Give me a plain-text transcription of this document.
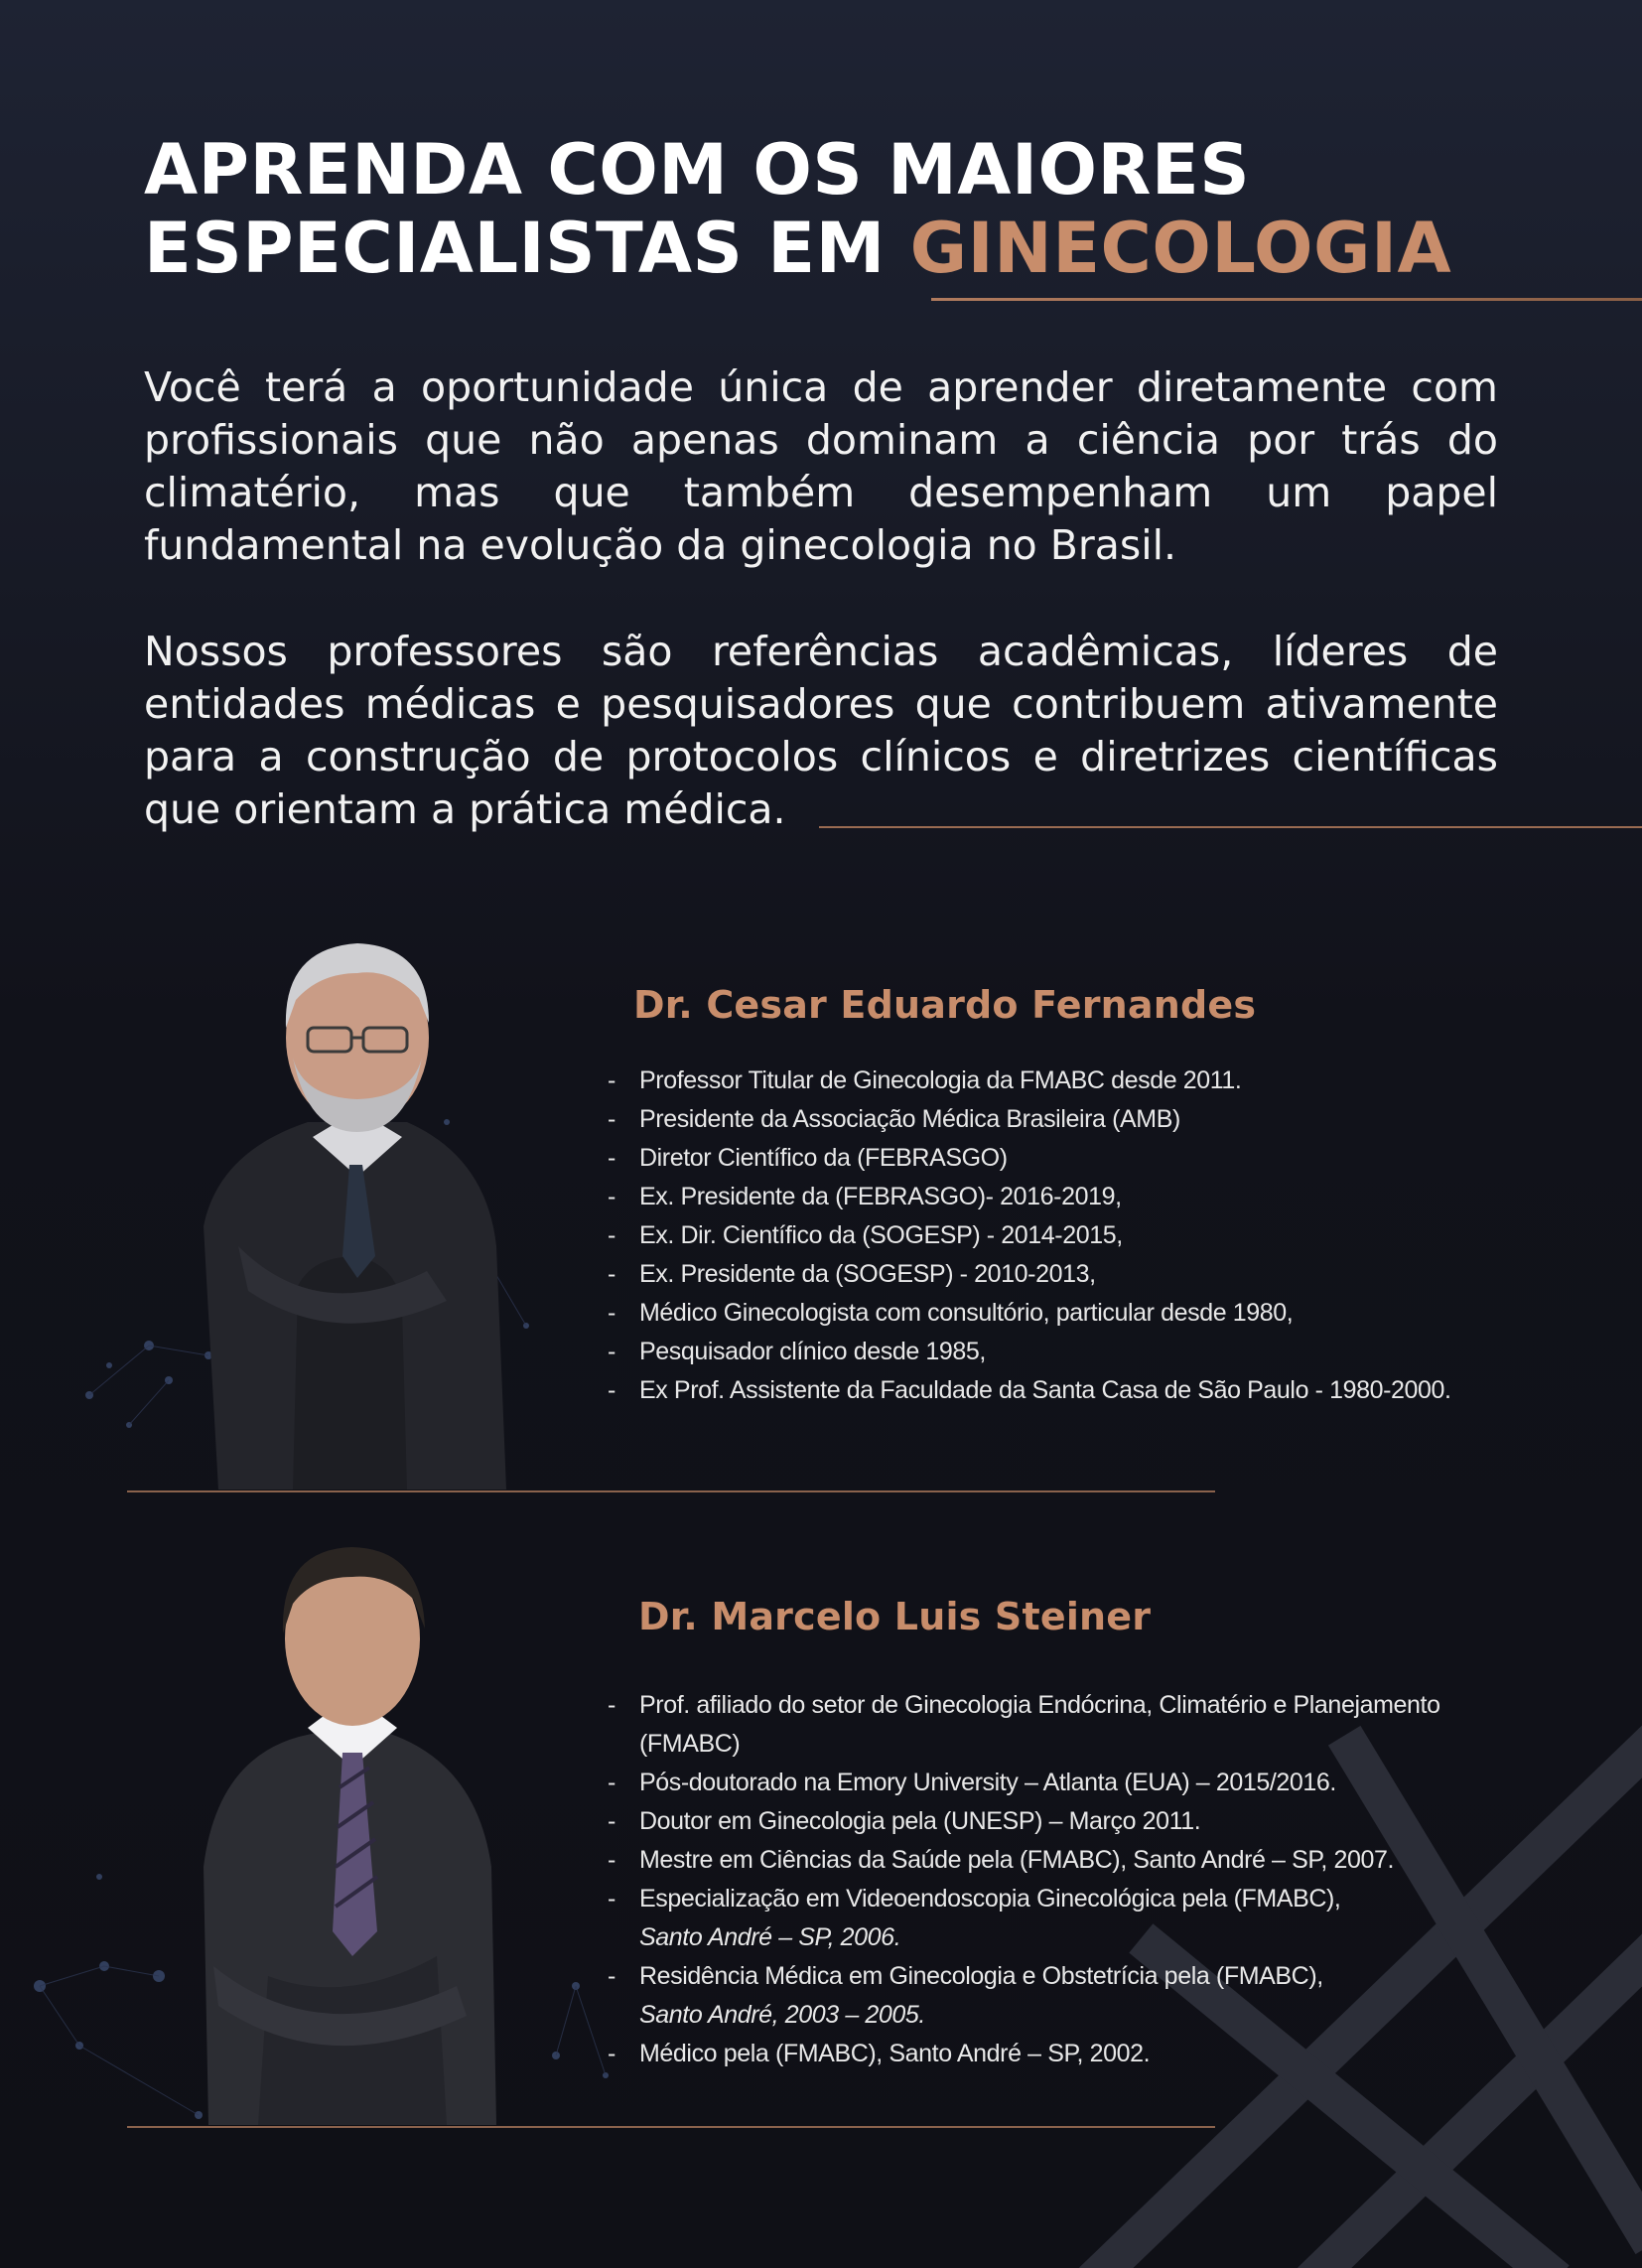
APRENDA COM OS MAIORES
ESPECIALISTAS EM GINECOLOGIA

Você terá a oportunidade única de aprender diretamente com profissionais que não apenas dominam a ciência por trás do climatério, mas que também desempenham um papel fundamental na evolução da ginecologia no Brasil.

Nossos professores são referências acadêmicas, líderes de entidades médicas e pesquisadores que contribuem ativamente para a construção de protocolos clínicos e diretrizes científicas que orientam a prática médica.

Dr. Cesar Eduardo Fernandes
- Professor Titular de Ginecologia da FMABC desde 2011.
- Presidente da Associação Médica Brasileira (AMB)
- Diretor Científico da (FEBRASGO)
- Ex. Presidente da (FEBRASGO)- 2016-2019,
- Ex. Dir. Científico da (SOGESP) - 2014-2015,
- Ex. Presidente da (SOGESP) - 2010-2013,
- Médico Ginecologista com consultório, particular desde 1980,
- Pesquisador clínico desde 1985,
- Ex Prof. Assistente da Faculdade da Santa Casa de São Paulo - 1980-2000.
Dr. Marcelo Luis Steiner
- Prof. afiliado do setor de Ginecologia Endócrina, Climatério e Planejamento (FMABC)
- Pós-doutorado na Emory University – Atlanta (EUA) – 2015/2016.
- Doutor em Ginecologia pela (UNESP) – Março 2011.
- Mestre em Ciências da Saúde pela (FMABC), Santo André – SP, 2007.
- Especialização em Videoendoscopia Ginecológica pela (FMABC),
Santo André – SP, 2006.
- Residência Médica em Ginecologia e Obstetrícia pela (FMABC),
Santo André, 2003 – 2005.
- Médico pela (FMABC), Santo André – SP, 2002.
